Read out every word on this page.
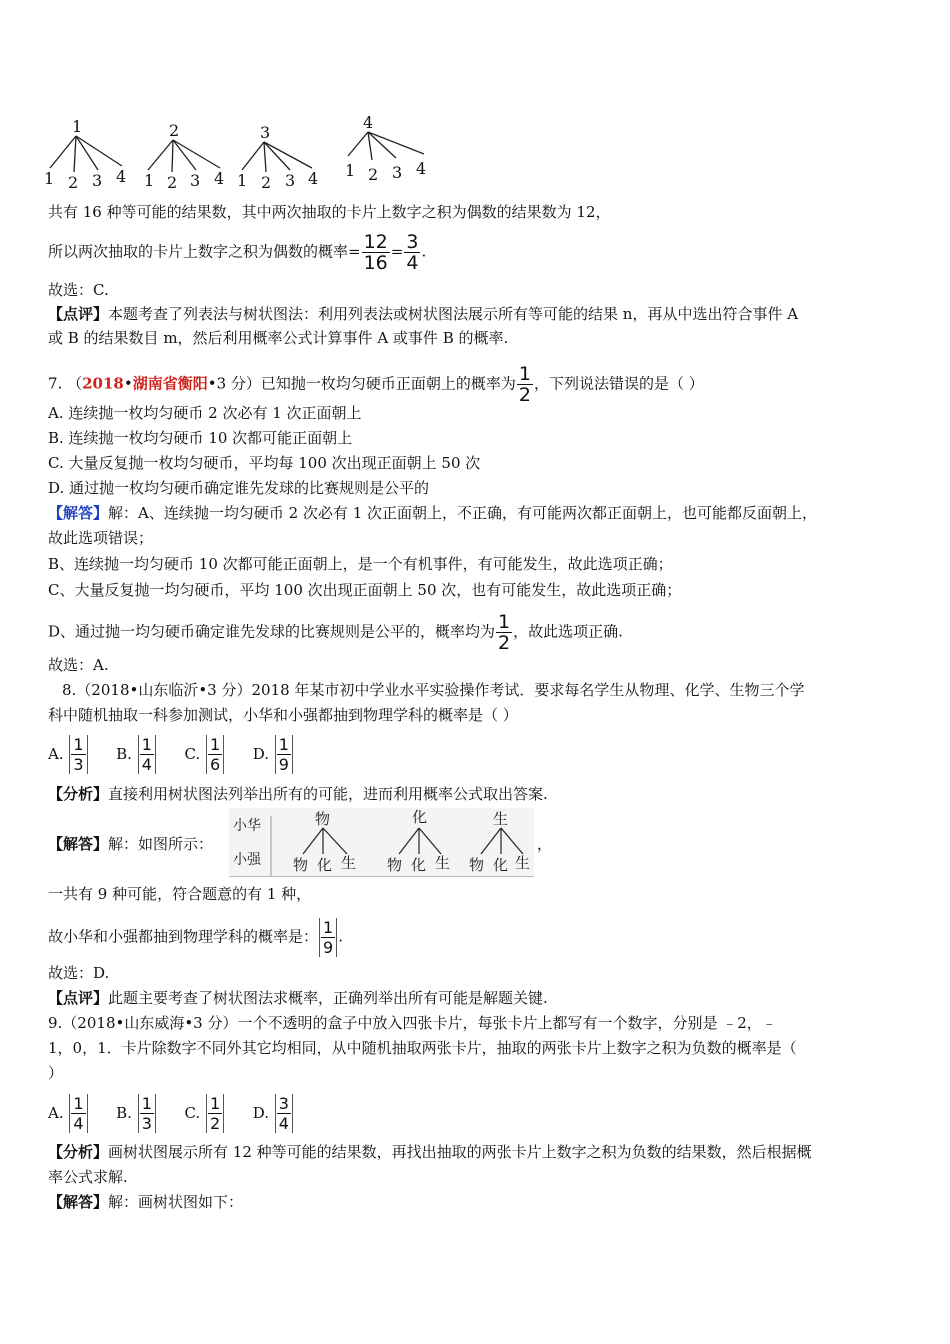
1
1 2 3 4
2
1 2 3 4
3
1 2 3 4
4
1 2 3 4
共有 16 种等可能的结果数，其中两次抽取的卡片上数字之积为偶数的结果数为 12，
所以两次抽取的卡片上数字之积为偶数的概率= $\frac{12}{16} = \frac{3}{4}$ .
故选：C.
【点评】本题考查了列表法与树状图法：利用列表法或树状图法展示所有等可能的结果 n，再从中选出符合事件 A
或 B 的结果数目 m，然后利用概率公式计算事件 A 或事件 B 的概率.
7. （2018•湖南省衡阳•3 分）已知抛一枚均匀硬币正面朝上的概率为 $\frac{1}{2}$ ，下列说法错误的是（ ）
A. 连续抛一枚均匀硬币 2 次必有 1 次正面朝上
B. 连续抛一枚均匀硬币 10 次都可能正面朝上
C. 大量反复抛一枚均匀硬币，平均每 100 次出现正面朝上 50 次
D. 通过抛一枚均匀硬币确定谁先发球的比赛规则是公平的
【解答】解：A、连续抛一均匀硬币 2 次必有 1 次正面朝上，不正确，有可能两次都正面朝上，也可能都反面朝上，
故此选项错误；
B、连续抛一均匀硬币 10 次都可能正面朝上，是一个有机事件，有可能发生，故此选项正确；
C、大量反复抛一均匀硬币，平均 100 次出现正面朝上 50 次，也有可能发生，故此选项正确；
D、通过抛一均匀硬币确定谁先发球的比赛规则是公平的，概率均为 $\frac{1}{2}$ ，故此选项正确.
故选：A.
8.（2018•山东临沂•3 分）2018 年某市初中学业水平实验操作考试．要求每名学生从物理、化学、生物三个学
科中随机抽取一科参加测试，小华和小强都抽到物理学科的概率是（ ）
A. $\frac{1}{3} B$. $\frac{1}{4} C$. $\frac{1}{6} D$. $\frac{1}{9}$
【分析】直接利用树状图法列举出所有的可能，进而利用概率公式取出答案.
【解答】解：如图所示：	，
小华
小强
物
物 化 生
化
物 化 生
生
物 化 生
一共有 9 种可能，符合题意的有 1 种，
故小华和小强都抽到物理学科的概率是： $\frac{1}{9}$ .
故选：D.
【点评】此题主要考查了树状图法求概率，正确列举出所有可能是解题关键.
9.（2018•山东威海•3 分）一个不透明的盒子中放入四张卡片，每张卡片上都写有一个数字，分别是 ﹣2，﹣
1，0，1．卡片除数字不同外其它均相同，从中随机抽取两张卡片，抽取的两张卡片上数字之积为负数的概率是（
）
A. $\frac{1}{4} B$. $\frac{1}{3} C$. $\frac{1}{2} D$. $\frac{3}{4}$
【分析】画树状图展示所有 12 种等可能的结果数，再找出抽取的两张卡片上数字之积为负数的结果数，然后根据概
率公式求解.
【解答】解：画树状图如下：
